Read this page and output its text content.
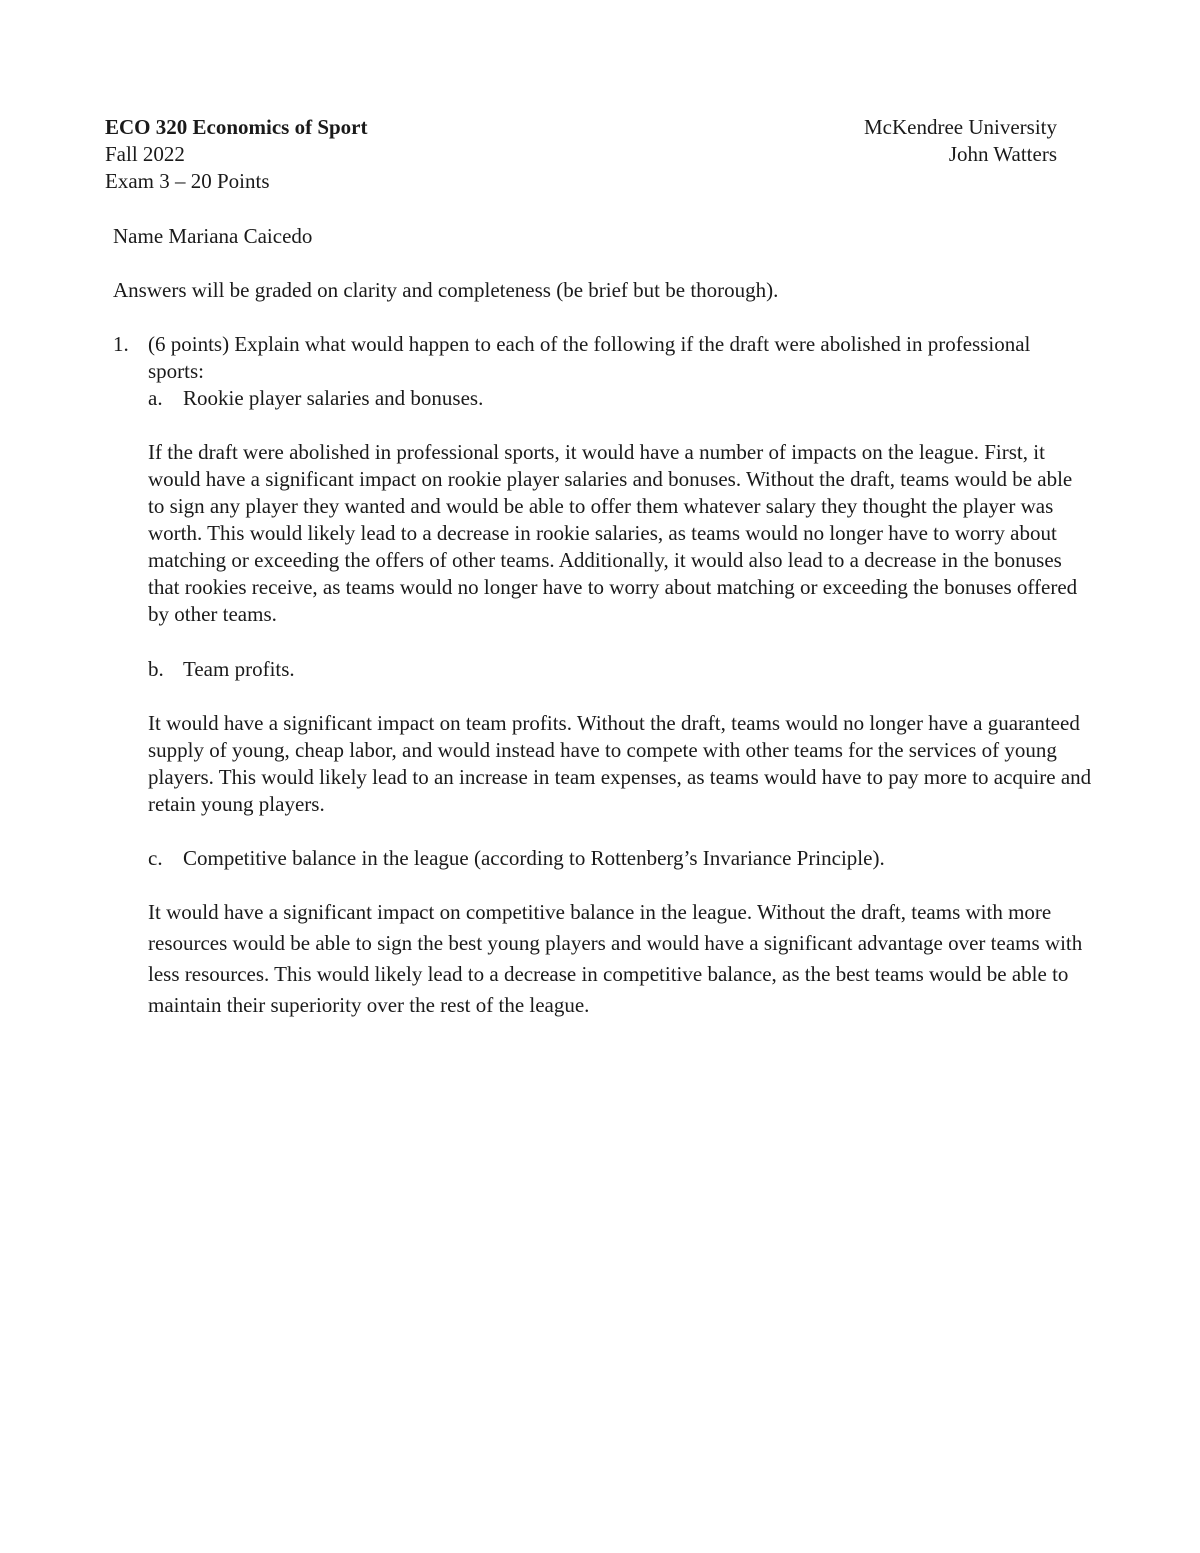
ECO 320 Economics of Sport	McKendree University
Fall 2022	John Watters
Exam 3 – 20 Points
Name Mariana Caicedo
Answers will be graded on clarity and completeness (be brief but be thorough).
1. (6 points) Explain what would happen to each of the following if the draft were abolished in professional sports:
a. Rookie player salaries and bonuses.
If the draft were abolished in professional sports, it would have a number of impacts on the league. First, it would have a significant impact on rookie player salaries and bonuses. Without the draft, teams would be able to sign any player they wanted and would be able to offer them whatever salary they thought the player was worth. This would likely lead to a decrease in rookie salaries, as teams would no longer have to worry about matching or exceeding the offers of other teams. Additionally, it would also lead to a decrease in the bonuses that rookies receive, as teams would no longer have to worry about matching or exceeding the bonuses offered by other teams.
b. Team profits.
It would have a significant impact on team profits. Without the draft, teams would no longer have a guaranteed supply of young, cheap labor, and would instead have to compete with other teams for the services of young players. This would likely lead to an increase in team expenses, as teams would have to pay more to acquire and retain young players.
c. Competitive balance in the league (according to Rottenberg’s Invariance Principle).
It would have a significant impact on competitive balance in the league. Without the draft, teams with more resources would be able to sign the best young players and would have a significant advantage over teams with less resources. This would likely lead to a decrease in competitive balance, as the best teams would be able to maintain their superiority over the rest of the league.
